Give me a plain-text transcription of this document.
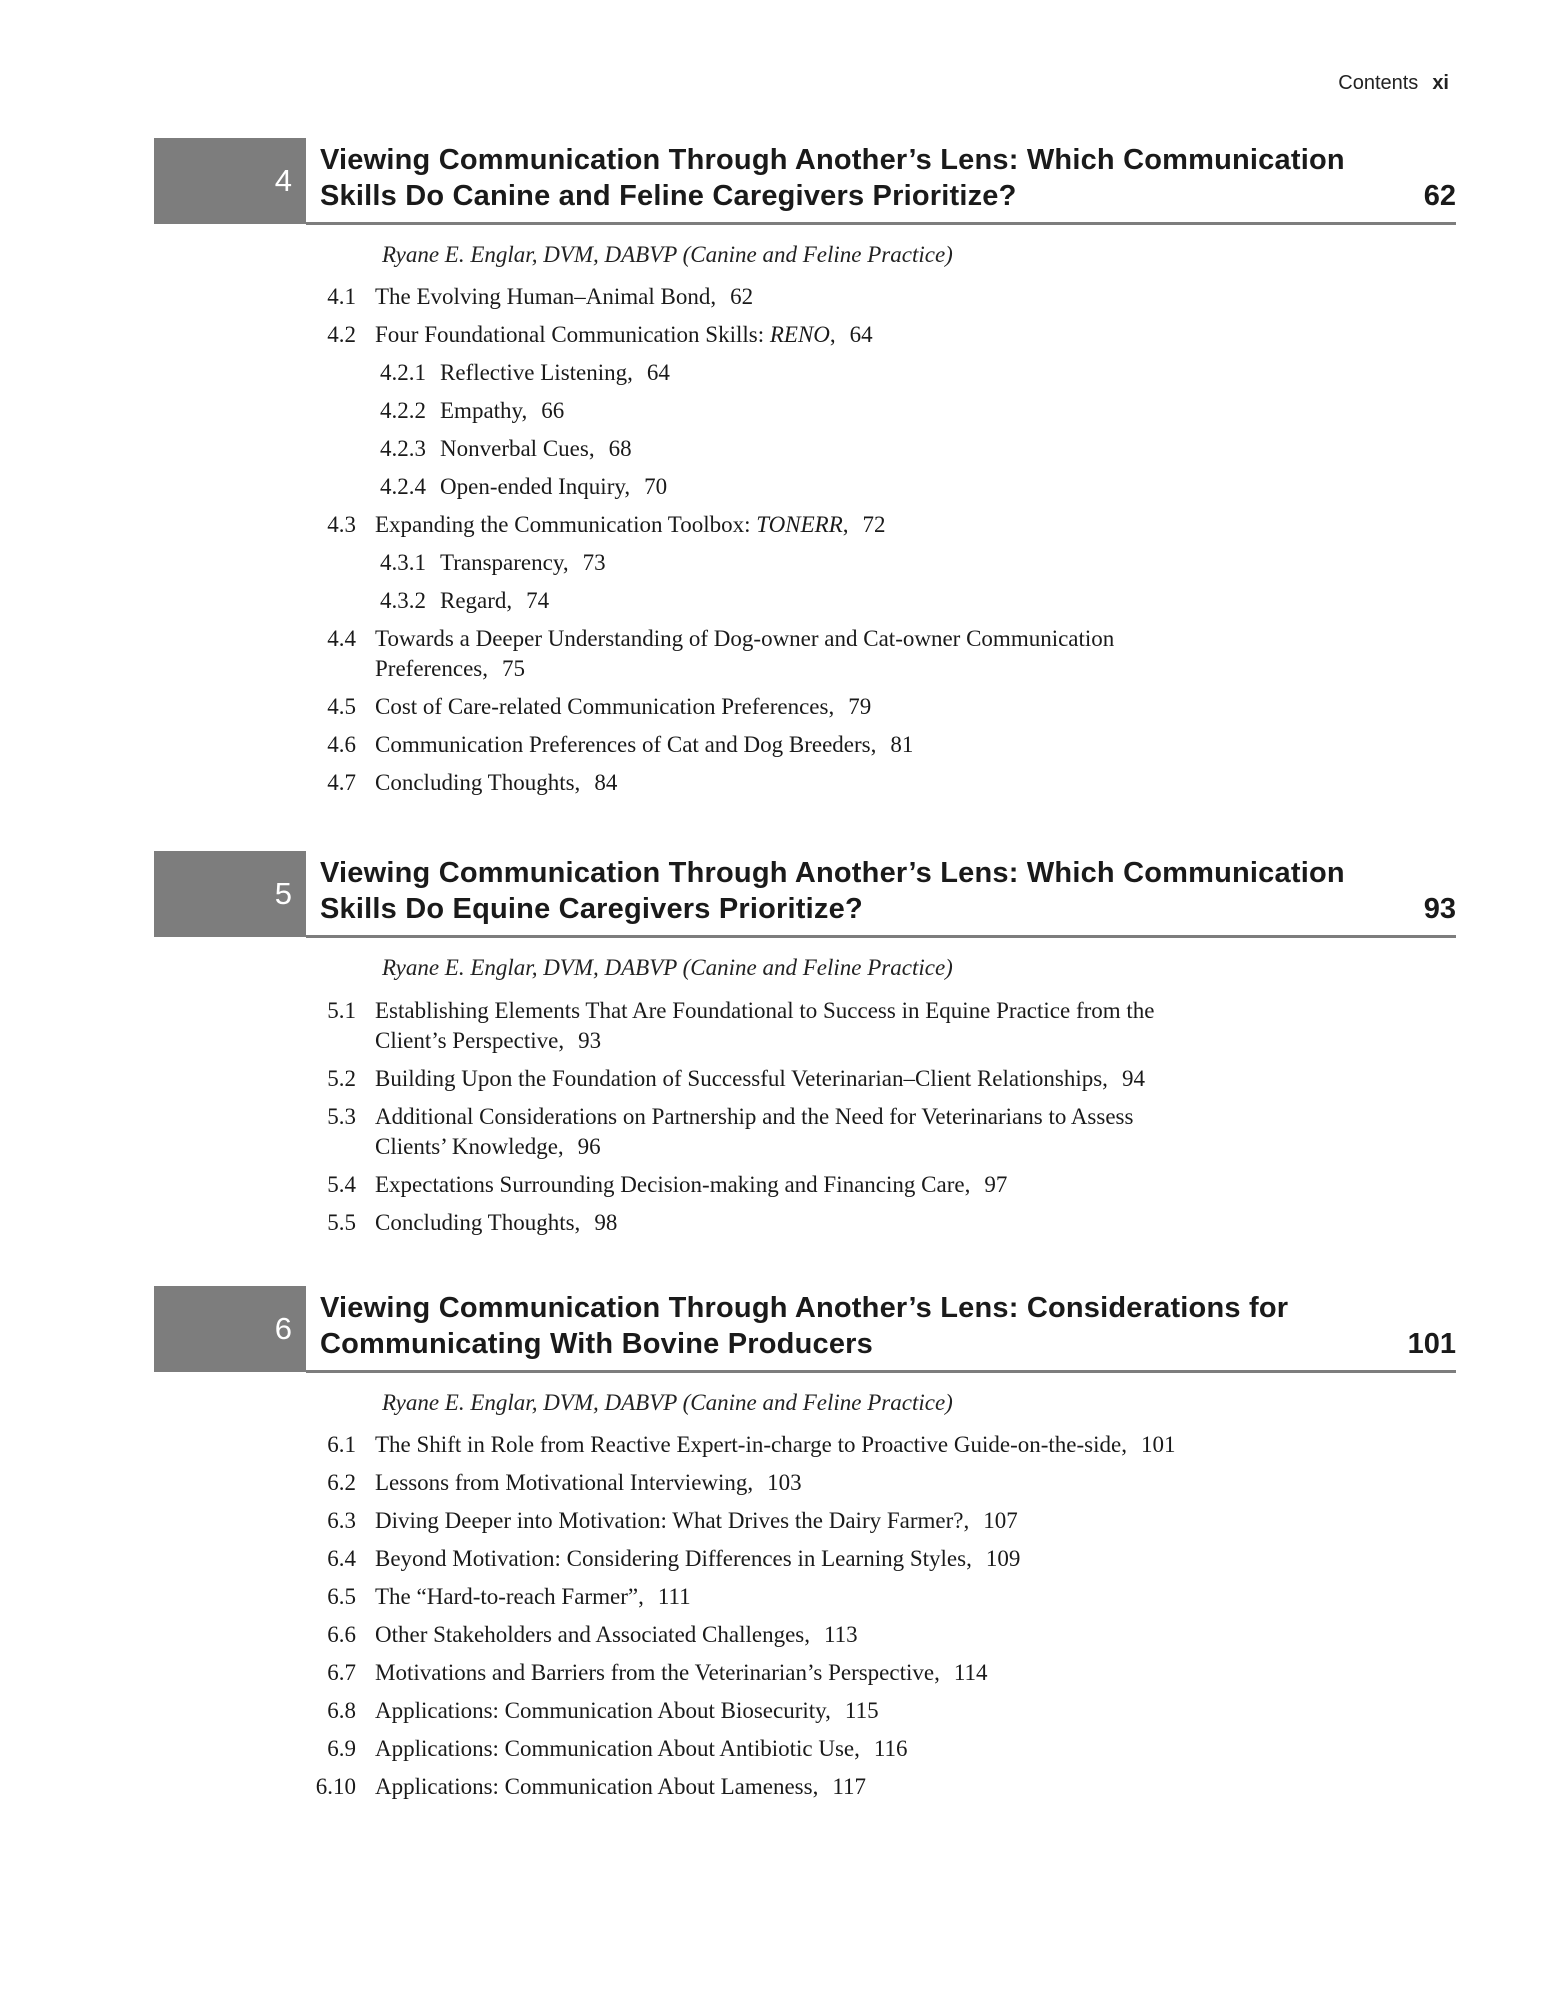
Contents xi
4
Viewing Communication Through Another’s Lens: Which Communication
Skills Do Canine and Feline Caregivers Prioritize?	62
Ryane E. Englar, DVM, DABVP (Canine and Feline Practice)
4.1 The Evolving Human–Animal Bond, 62
4.2 Four Foundational Communication Skills: RENO, 64
4.2.1 Reflective Listening, 64
4.2.2 Empathy, 66
4.2.3 Nonverbal Cues, 68
4.2.4 Open-ended Inquiry, 70
4.3 Expanding the Communication Toolbox: TONERR, 72
4.3.1 Transparency, 73
4.3.2 Regard, 74
4.4 Towards a Deeper Understanding of Dog-owner and Cat-owner Communication
Preferences, 75
4.5 Cost of Care-related Communication Preferences, 79
4.6 Communication Preferences of Cat and Dog Breeders, 81
4.7 Concluding Thoughts, 84
5
Viewing Communication Through Another’s Lens: Which Communication
Skills Do Equine Caregivers Prioritize?	93
Ryane E. Englar, DVM, DABVP (Canine and Feline Practice)
5.1 Establishing Elements That Are Foundational to Success in Equine Practice from the
Client’s Perspective, 93
5.2 Building Upon the Foundation of Successful Veterinarian–Client Relationships, 94
5.3 Additional Considerations on Partnership and the Need for Veterinarians to Assess
Clients’ Knowledge, 96
5.4 Expectations Surrounding Decision-making and Financing Care, 97
5.5 Concluding Thoughts, 98
6
Viewing Communication Through Another’s Lens: Considerations for
Communicating With Bovine Producers	101
Ryane E. Englar, DVM, DABVP (Canine and Feline Practice)
6.1 The Shift in Role from Reactive Expert-in-charge to Proactive Guide-on-the-side, 101
6.2 Lessons from Motivational Interviewing, 103
6.3 Diving Deeper into Motivation: What Drives the Dairy Farmer?, 107
6.4 Beyond Motivation: Considering Differences in Learning Styles, 109
6.5 The “Hard-to-reach Farmer”, 111
6.6 Other Stakeholders and Associated Challenges, 113
6.7 Motivations and Barriers from the Veterinarian’s Perspective, 114
6.8 Applications: Communication About Biosecurity, 115
6.9 Applications: Communication About Antibiotic Use, 116
6.10 Applications: Communication About Lameness, 117
